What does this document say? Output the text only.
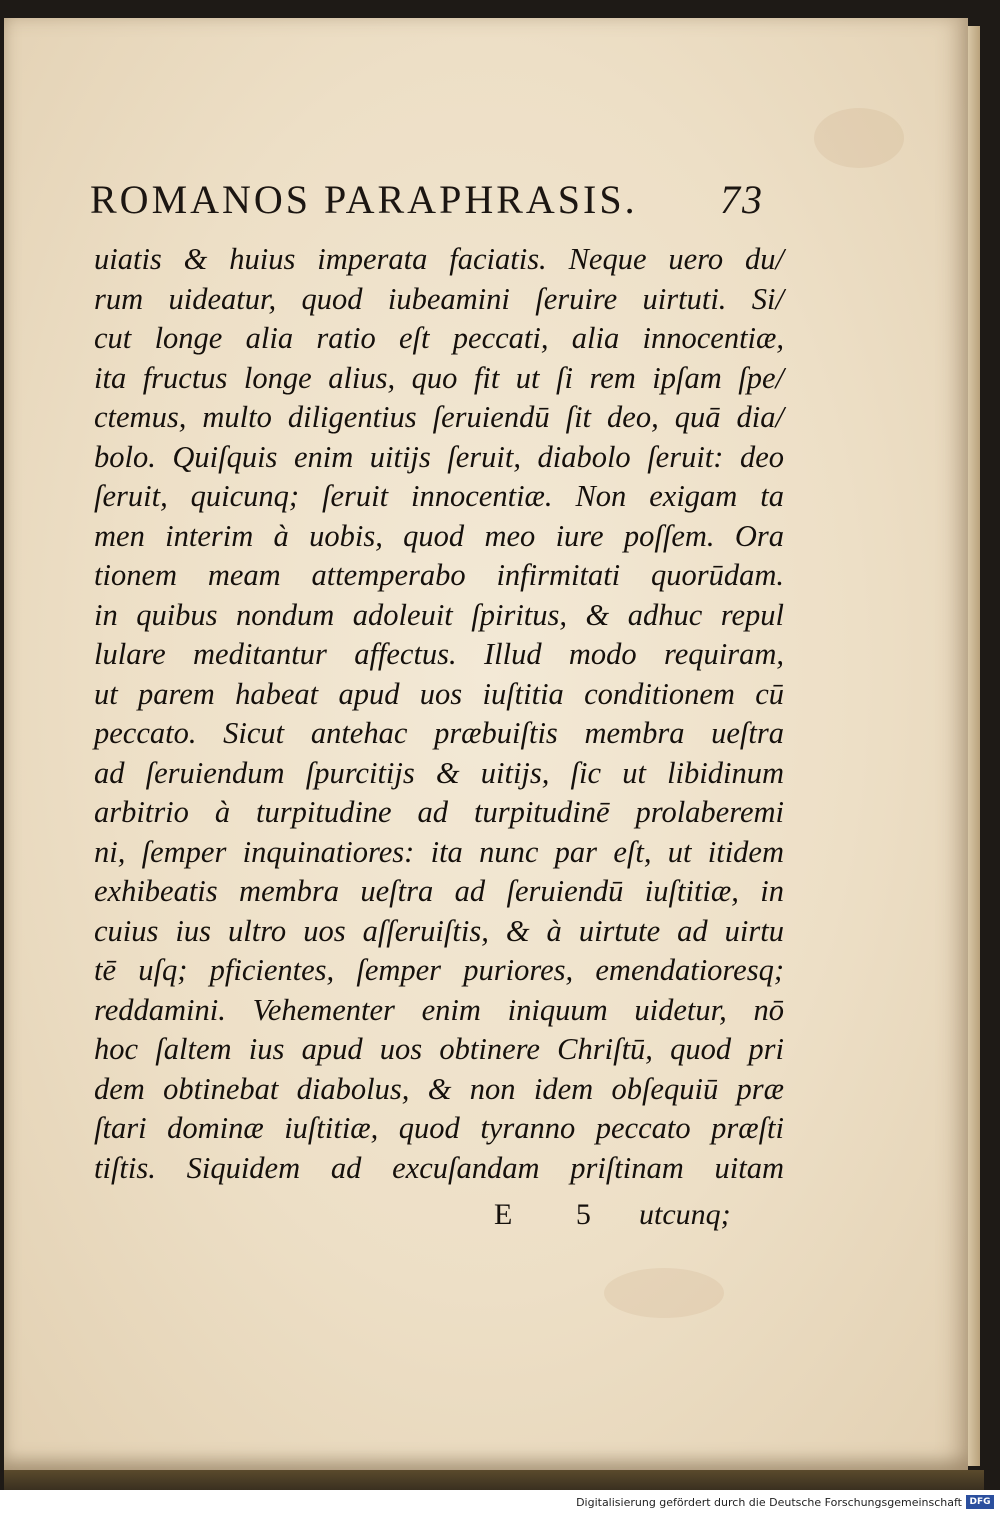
ROMANOS PARAPHRASIS. 73
uiatis & huius imperata faciatis. Neque uero du/
rum uideatur, quod iubeamini ſeruire uirtuti. Si/
cut longe alia ratio eſt peccati, alia innocentiæ,
ita fructus longe alius, quo fit ut ſi rem ipſam ſpe/
ctemus, multo diligentius ſeruiendū ſit deo, quā dia/
bolo. Quiſquis enim uitijs ſeruit, diabolo ſeruit: deo
ſeruit, quicunq; ſeruit innocentiæ. Non exigam ta
men interim à uobis, quod meo iure poſſem. Ora
tionem meam attemperabo infirmitati quorūdam.
in quibus nondum adoleuit ſpiritus, & adhuc repul
lulare meditantur affectus. Illud modo requiram,
ut parem habeat apud uos iuſtitia conditionem cū
peccato. Sicut antehac præbuiſtis membra ueſtra
ad ſeruiendum ſpurcitijs & uitijs, ſic ut libidinum
arbitrio à turpitudine ad turpitudinē prolaberemi
ni, ſemper inquinatiores: ita nunc par eſt, ut itidem
exhibeatis membra ueſtra ad ſeruiendū iuſtitiæ, in
cuius ius ultro uos aſſeruiſtis, & à uirtute ad uirtu
tē uſq; pficientes, ſemper puriores, emendatioresq;
reddamini. Vehementer enim iniquum uidetur, nō
hoc ſaltem ius apud uos obtinere Chriſtū, quod pri
dem obtinebat diabolus, & non idem obſequiū præ
ſtari dominæ iuſtitiæ, quod tyranno peccato præſti
tiſtis. Siquidem ad excuſandam priſtinam uitam
E 5 utcunq;
Digitalisierung gefördert durch die Deutsche Forschungsgemeinschaft DFG
